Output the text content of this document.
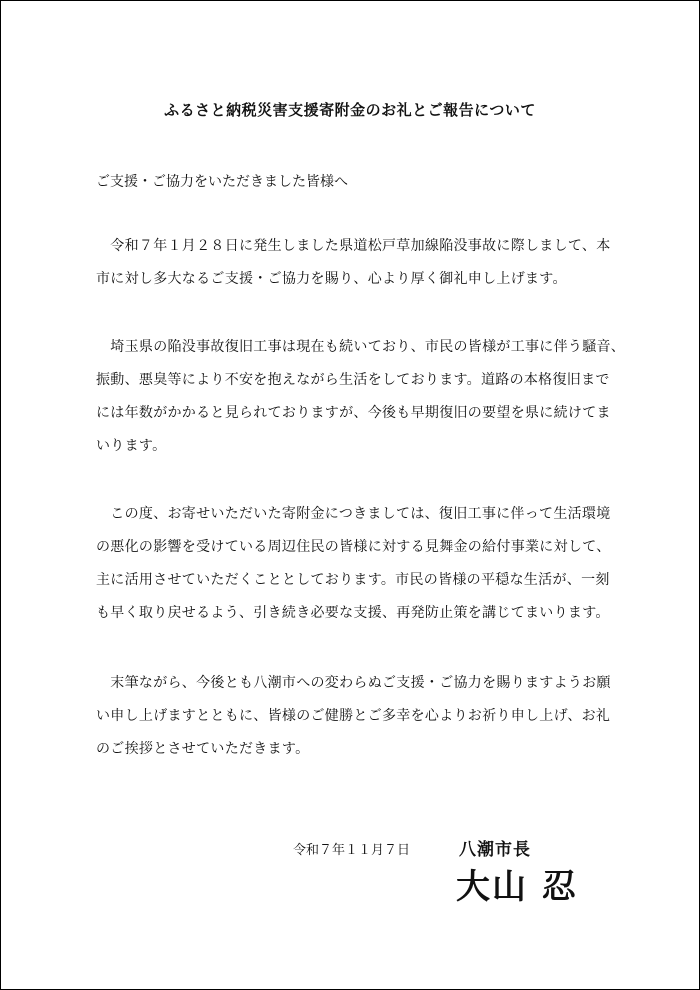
ふるさと納税災害支援寄附金のお礼とご報告について
ご支援・ご協力をいただきました皆様へ
　令和７年１月２８日に発生しました県道松戸草加線陥没事故に際しまして、本
市に対し多大なるご支援・ご協力を賜り、心より厚く御礼申し上げます。
　埼玉県の陥没事故復旧工事は現在も続いており、市民の皆様が工事に伴う騒音、
振動、悪臭等により不安を抱えながら生活をしております。道路の本格復旧まで
には年数がかかると見られておりますが、今後も早期復旧の要望を県に続けてま
いります。
　この度、お寄せいただいた寄附金につきましては、復旧工事に伴って生活環境
の悪化の影響を受けている周辺住民の皆様に対する見舞金の給付事業に対して、
主に活用させていただくこととしております。市民の皆様の平穏な生活が、一刻
も早く取り戻せるよう、引き続き必要な支援、再発防止策を講じてまいります。
　末筆ながら、今後とも八潮市への変わらぬご支援・ご協力を賜りますようお願
い申し上げますとともに、皆様のご健勝とご多幸を心よりお祈り申し上げ、お礼
のご挨拶とさせていただきます。
令和７年１１月７日	八潮市長
大山 忍
